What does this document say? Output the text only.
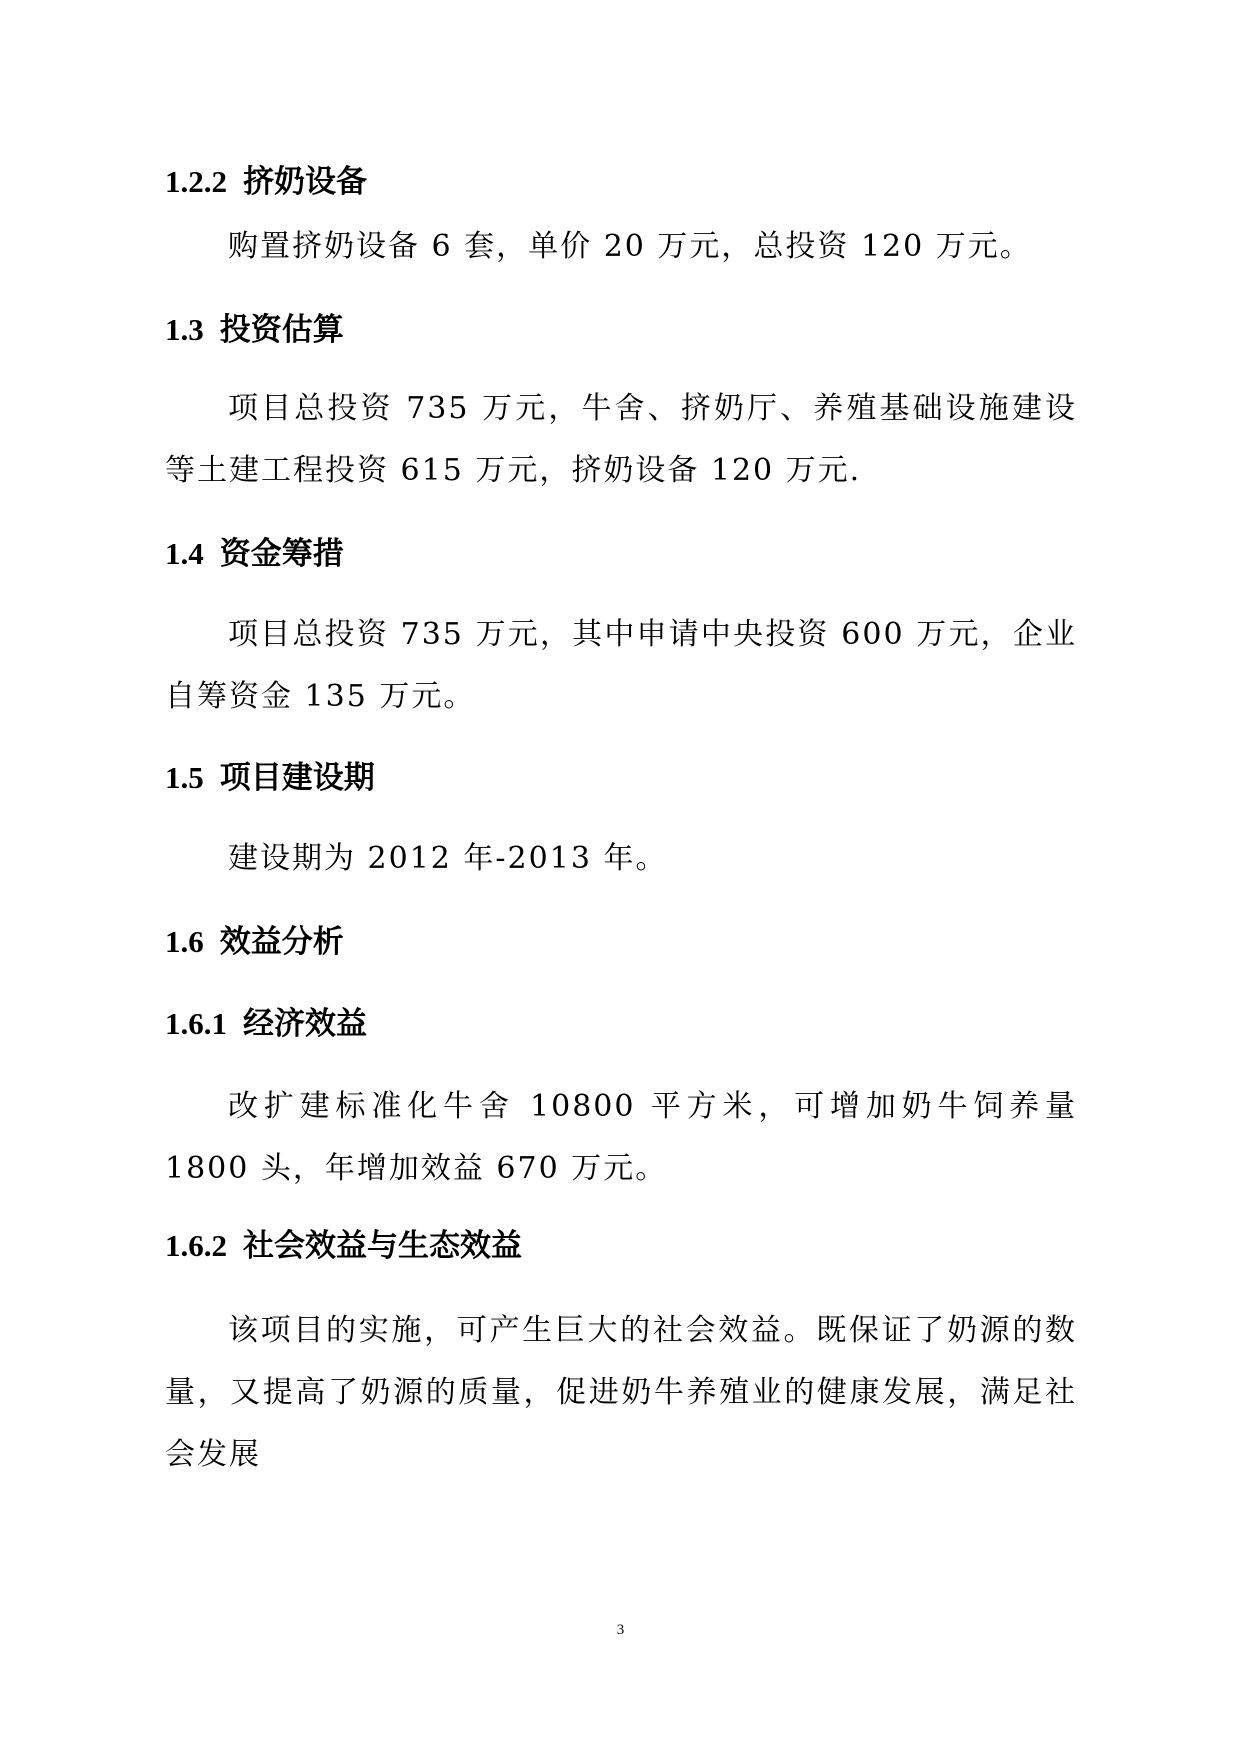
1.2.2 挤奶设备

购置挤奶设备 6 套，单价 20 万元，总投资 120 万元。

1.3 投资估算

项目总投资 735 万元，牛舍、挤奶厅、养殖基础设施建设等土建工程投资 615 万元，挤奶设备 120 万元.

1.4 资金筹措

项目总投资 735 万元，其中申请中央投资 600 万元，企业自筹资金 135 万元。

1.5 项目建设期

建设期为 2012 年-2013 年。

1.6 效益分析
1.6.1 经济效益

改扩建标准化牛舍 10800 平方米，可增加奶牛饲养量 1800 头，年增加效益 670 万元。

1.6.2 社会效益与生态效益

该项目的实施，可产生巨大的社会效益。既保证了奶源的数量，又提高了奶源的质量，促进奶牛养殖业的健康发展，满足社会发展

3
